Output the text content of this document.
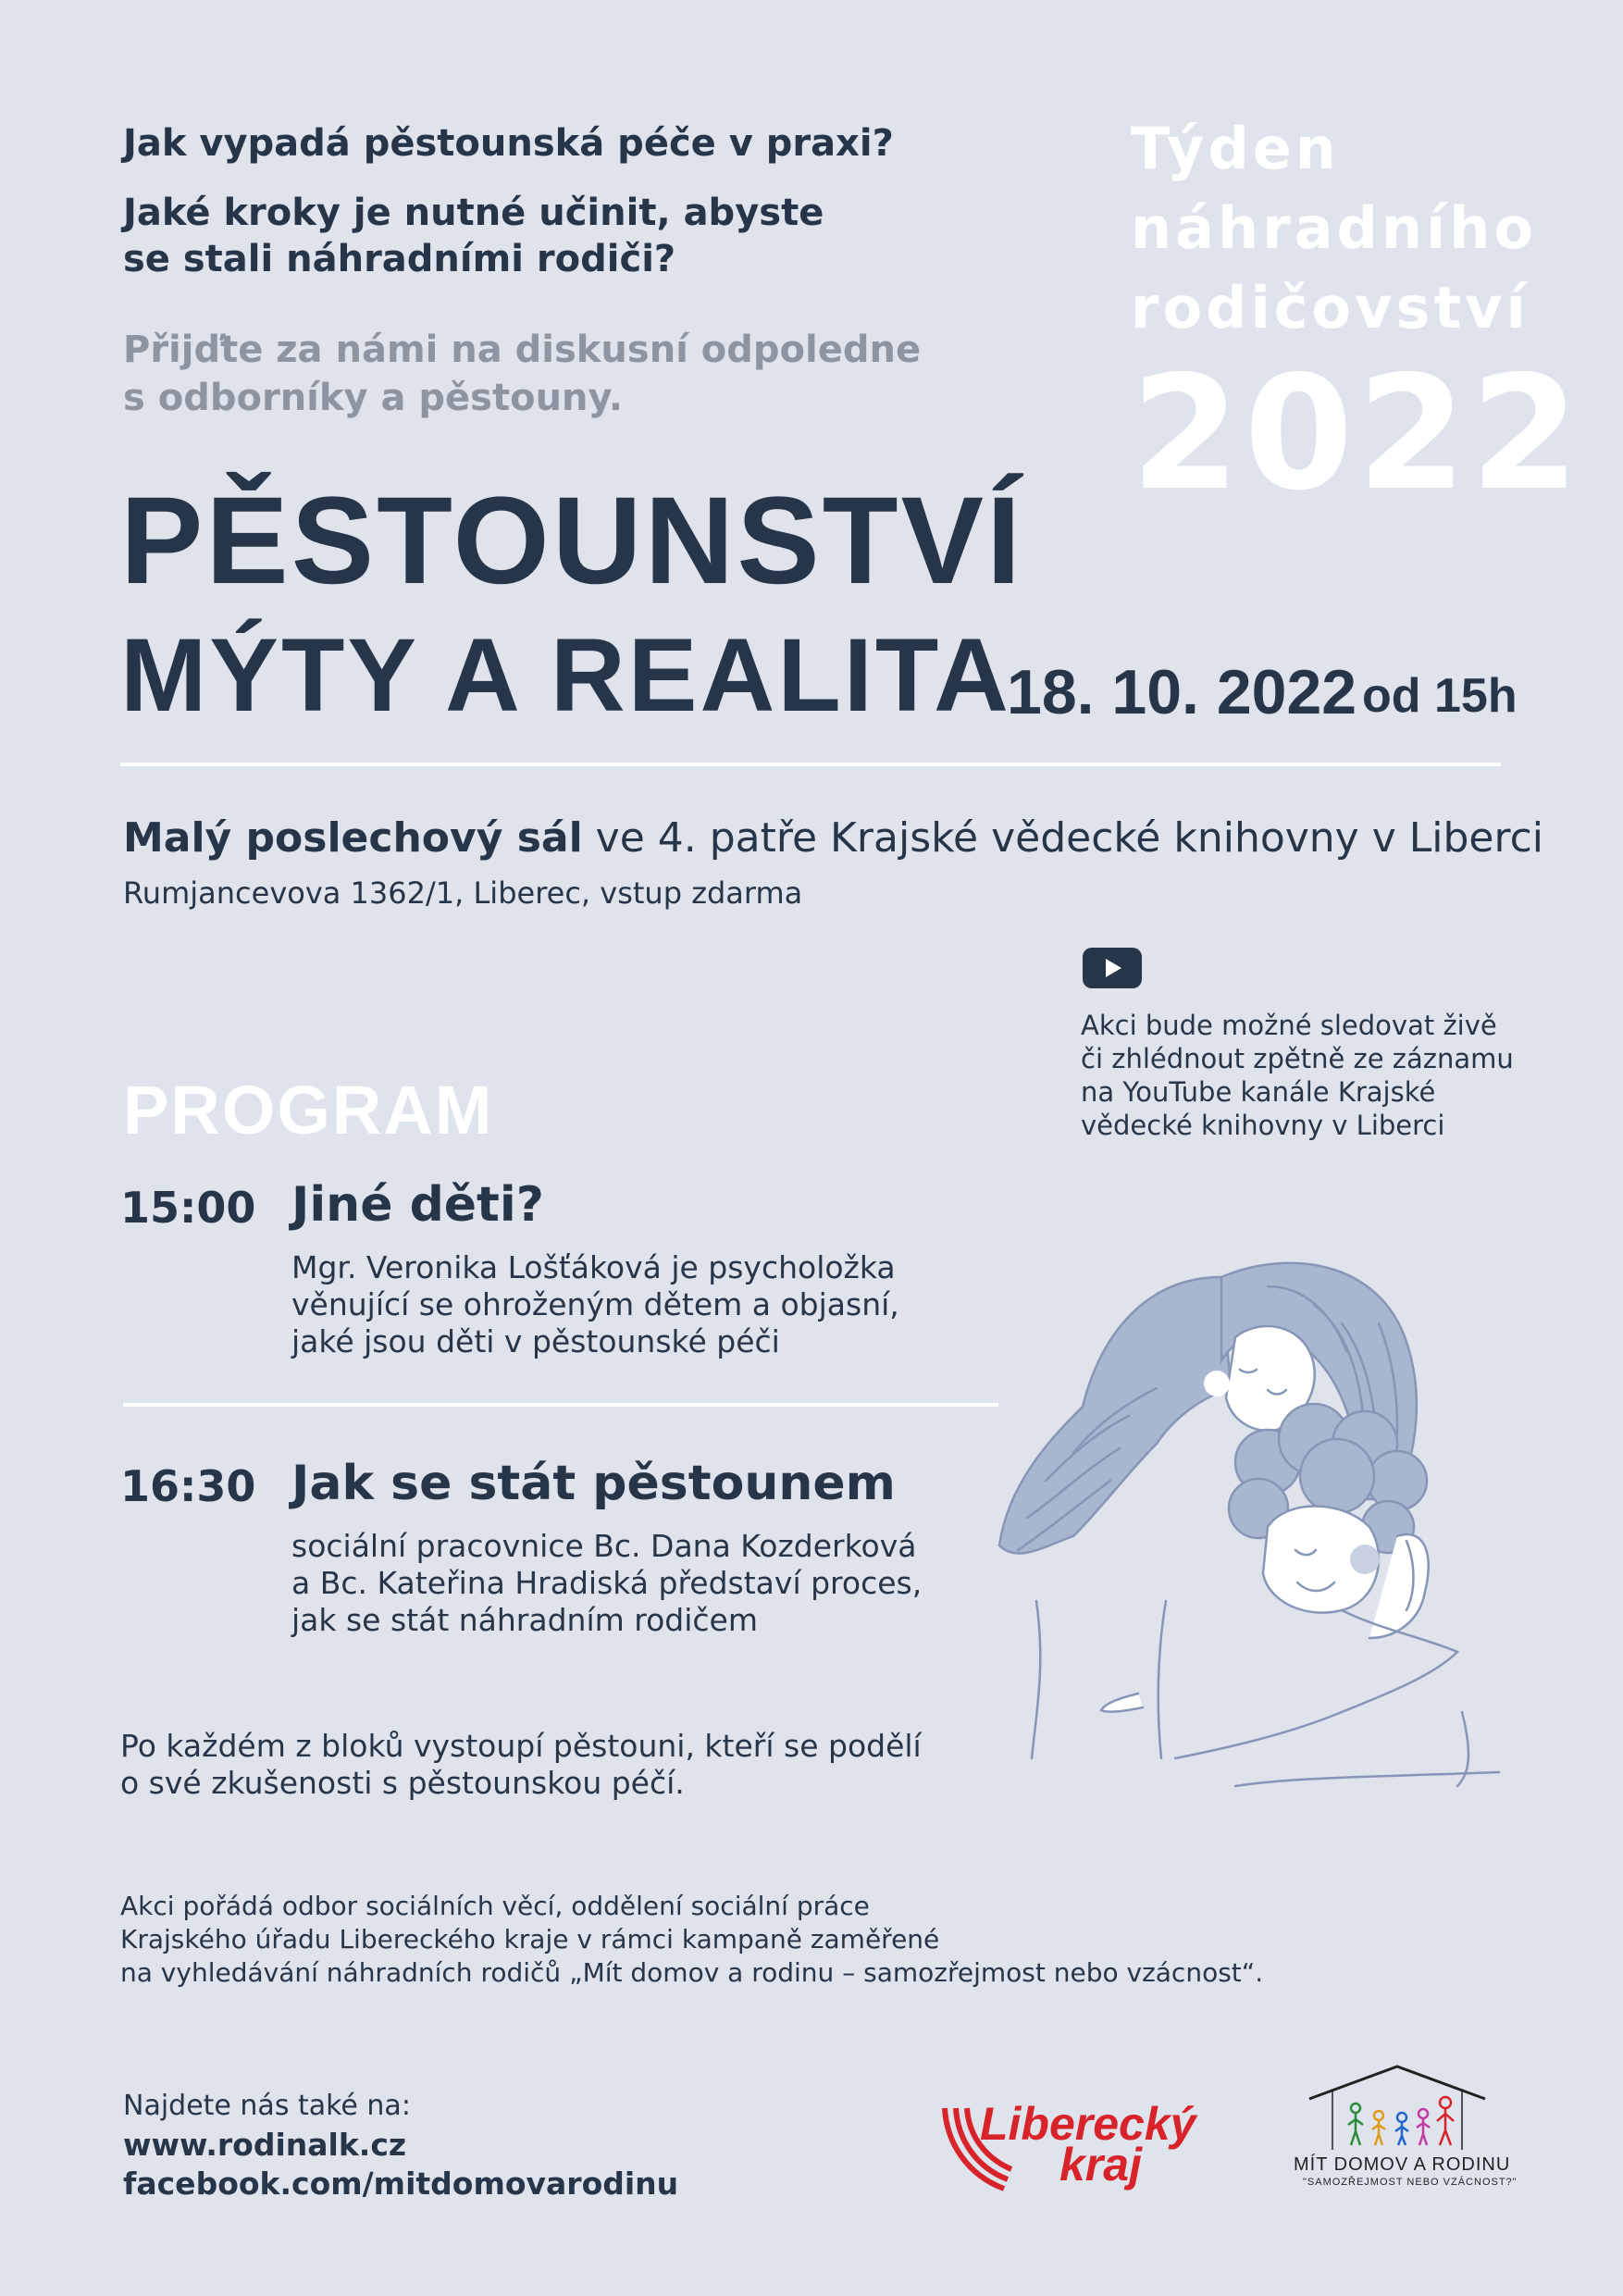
Jak vypadá pěstounská péče v praxi?
Jaké kroky je nutné učinit, abyste
se stali náhradními rodiči?
Přijďte za námi na diskusní odpoledne
s odborníky a pěstouny.
Týden
náhradního
rodičovství
2022
PĚSTOUNSTVÍ
MÝTY A REALITA
18. 10. 2022 od 15h
Malý poslechový sál ve 4. patře Krajské vědecké knihovny v Liberci
Rumjancevova 1362/1, Liberec, vstup zdarma
Akci bude možné sledovat živě
či zhlédnout zpětně ze záznamu
na YouTube kanále Krajské
vědecké knihovny v Liberci
PROGRAM
15:00 Jiné děti?
Mgr. Veronika Lošťáková je psycholožka
věnující se ohroženým dětem a objasní,
jaké jsou děti v pěstounské péči
16:30 Jak se stát pěstounem
sociální pracovnice Bc. Dana Kozderková
a Bc. Kateřina Hradiská představí proces,
jak se stát náhradním rodičem
Po každém z bloků vystoupí pěstouni, kteří se podělí
o své zkušenosti s pěstounskou péčí.
Akci pořádá odbor sociálních věcí, oddělení sociální práce
Krajského úřadu Libereckého kraje v rámci kampaně zaměřené
na vyhledávání náhradních rodičů „Mít domov a rodinu – samozřejmost nebo vzácnost“.
Najdete nás také na:
www.rodinalk.cz
facebook.com/mitdomovarodinu
Liberecký
kraj	MÍT DOMOV A RODINU
"SAMOZŘEJMOST NEBO VZÁCNOST?"
